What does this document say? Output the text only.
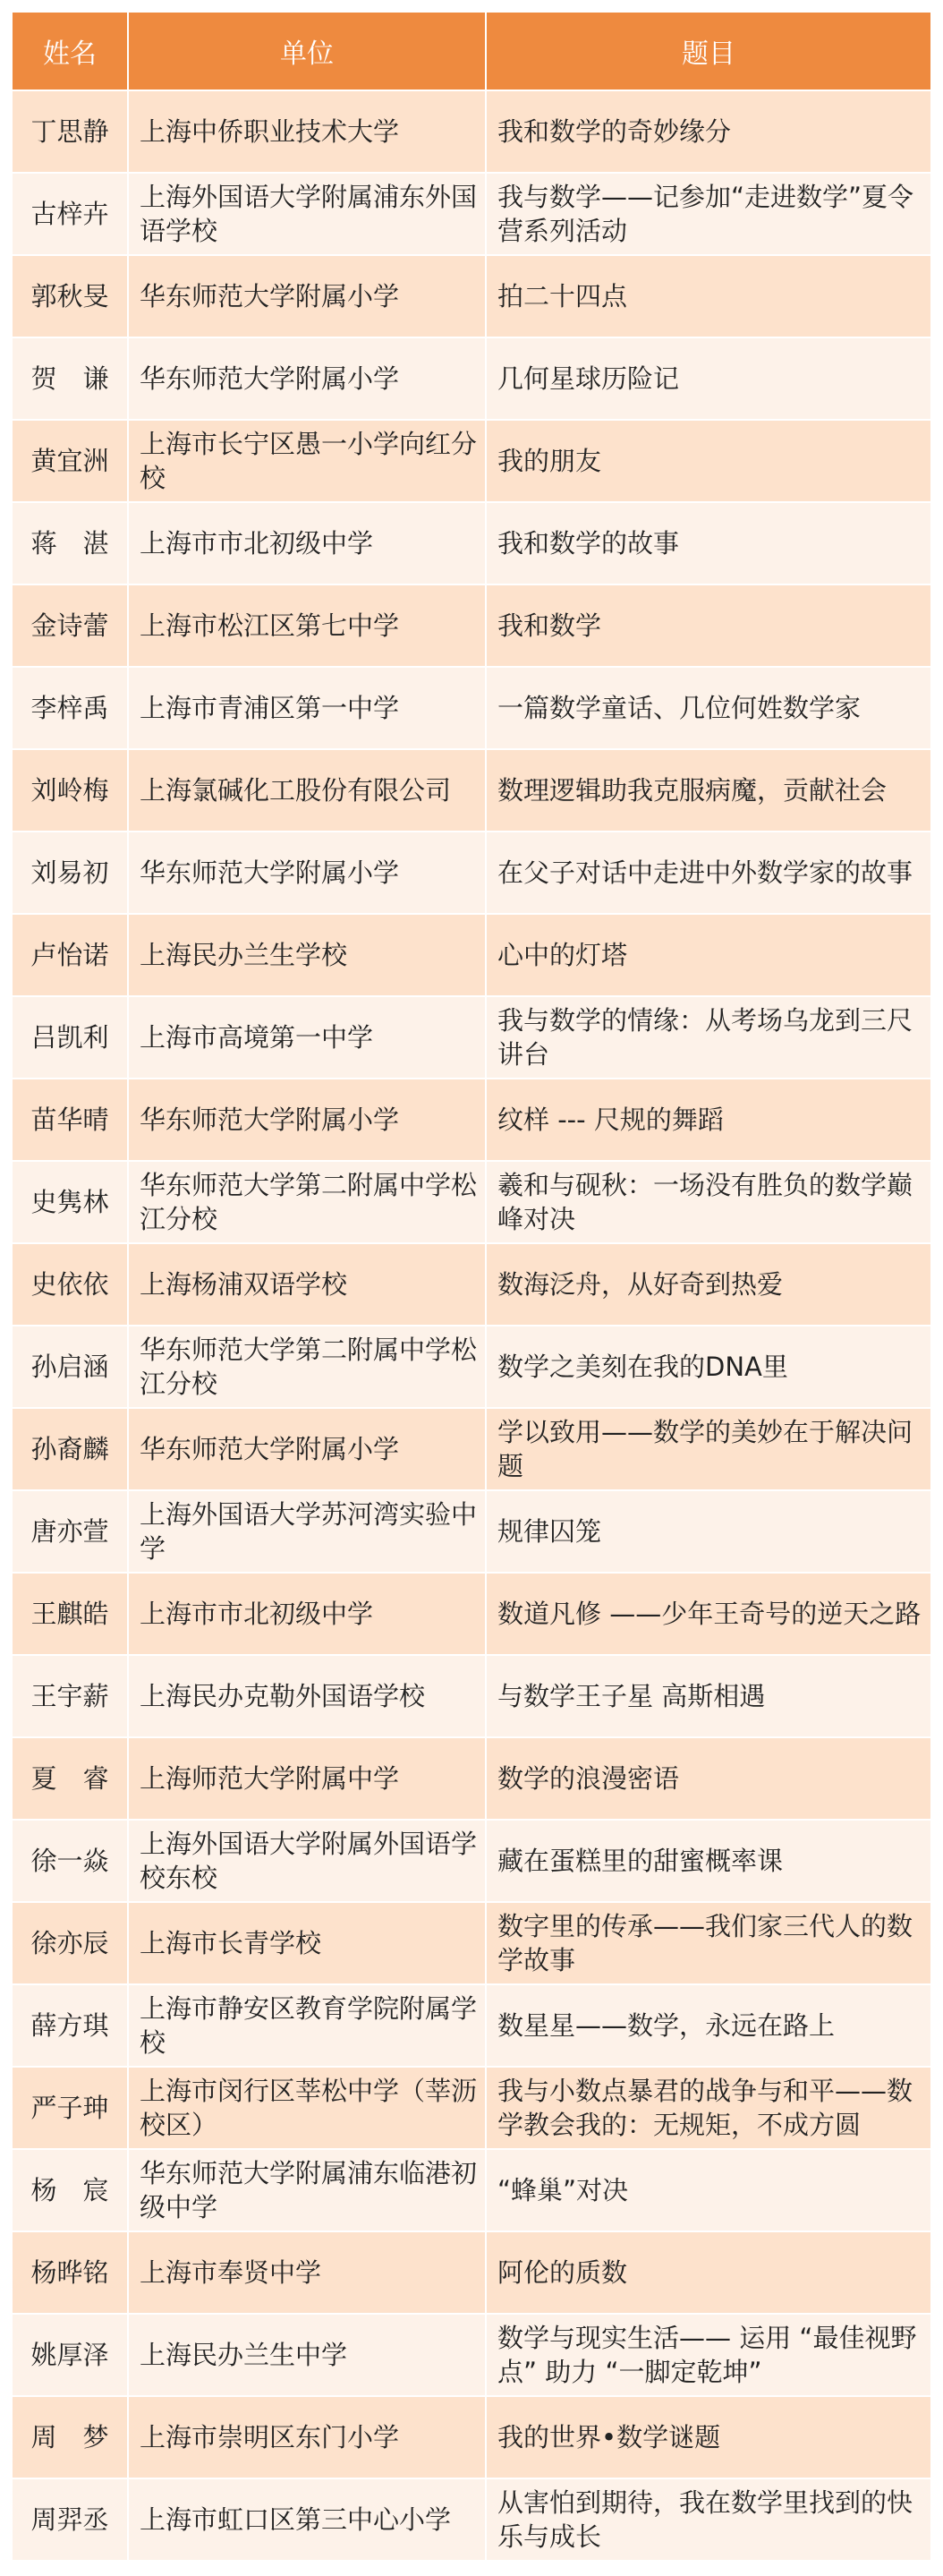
姓名	单位	题目
丁思静	上海中侨职业技术大学	我和数学的奇妙缘分
古梓卉	上海外国语大学附属浦东外国语学校	我与数学——记参加“走进数学”夏令营系列活动
郭秋旻	华东师范大学附属小学	拍二十四点
贺　谦	华东师范大学附属小学	几何星球历险记
黄宜洲	上海市长宁区愚一小学向红分校	我的朋友
蒋　湛	上海市市北初级中学	我和数学的故事
金诗蕾	上海市松江区第七中学	我和数学
李梓禹	上海市青浦区第一中学	一篇数学童话、几位何姓数学家
刘岭梅	上海氯碱化工股份有限公司	数理逻辑助我克服病魔，贡献社会
刘易初	华东师范大学附属小学	在父子对话中走进中外数学家的故事
卢怡诺	上海民办兰生学校	心中的灯塔
吕凯利	上海市高境第一中学	我与数学的情缘：从考场乌龙到三尺讲台
苗华晴	华东师范大学附属小学	纹样 --- 尺规的舞蹈
史隽林	华东师范大学第二附属中学松江分校	羲和与砚秋：一场没有胜负的数学巅峰对决
史依依	上海杨浦双语学校	数海泛舟，从好奇到热爱
孙启涵	华东师范大学第二附属中学松江分校	数学之美刻在我的DNA里
孙裔麟	华东师范大学附属小学	学以致用——数学的美妙在于解决问题
唐亦萱	上海外国语大学苏河湾实验中学	规律囚笼
王麒皓	上海市市北初级中学	数道凡修 ——少年王奇号的逆天之路
王宇薪	上海民办克勒外国语学校	与数学王子星 高斯相遇
夏　睿	上海师范大学附属中学	数学的浪漫密语
徐一焱	上海外国语大学附属外国语学校东校	藏在蛋糕里的甜蜜概率课
徐亦辰	上海市长青学校	数字里的传承——我们家三代人的数学故事
薛方琪	上海市静安区教育学院附属学校	数星星——数学，永远在路上
严子珅	上海市闵行区莘松中学（莘沥校区）	我与小数点暴君的战争与和平——数学教会我的：无规矩，不成方圆
杨　宸	华东师范大学附属浦东临港初级中学	“蜂巢”对决
杨晔铭	上海市奉贤中学	阿伦的质数
姚厚泽	上海民办兰生中学	数学与现实生活—— 运用 “最佳视野点” 助力 “一脚定乾坤”
周　梦	上海市崇明区东门小学	我的世界•数学谜题
周羿丞	上海市虹口区第三中心小学	从害怕到期待，我在数学里找到的快乐与成长
